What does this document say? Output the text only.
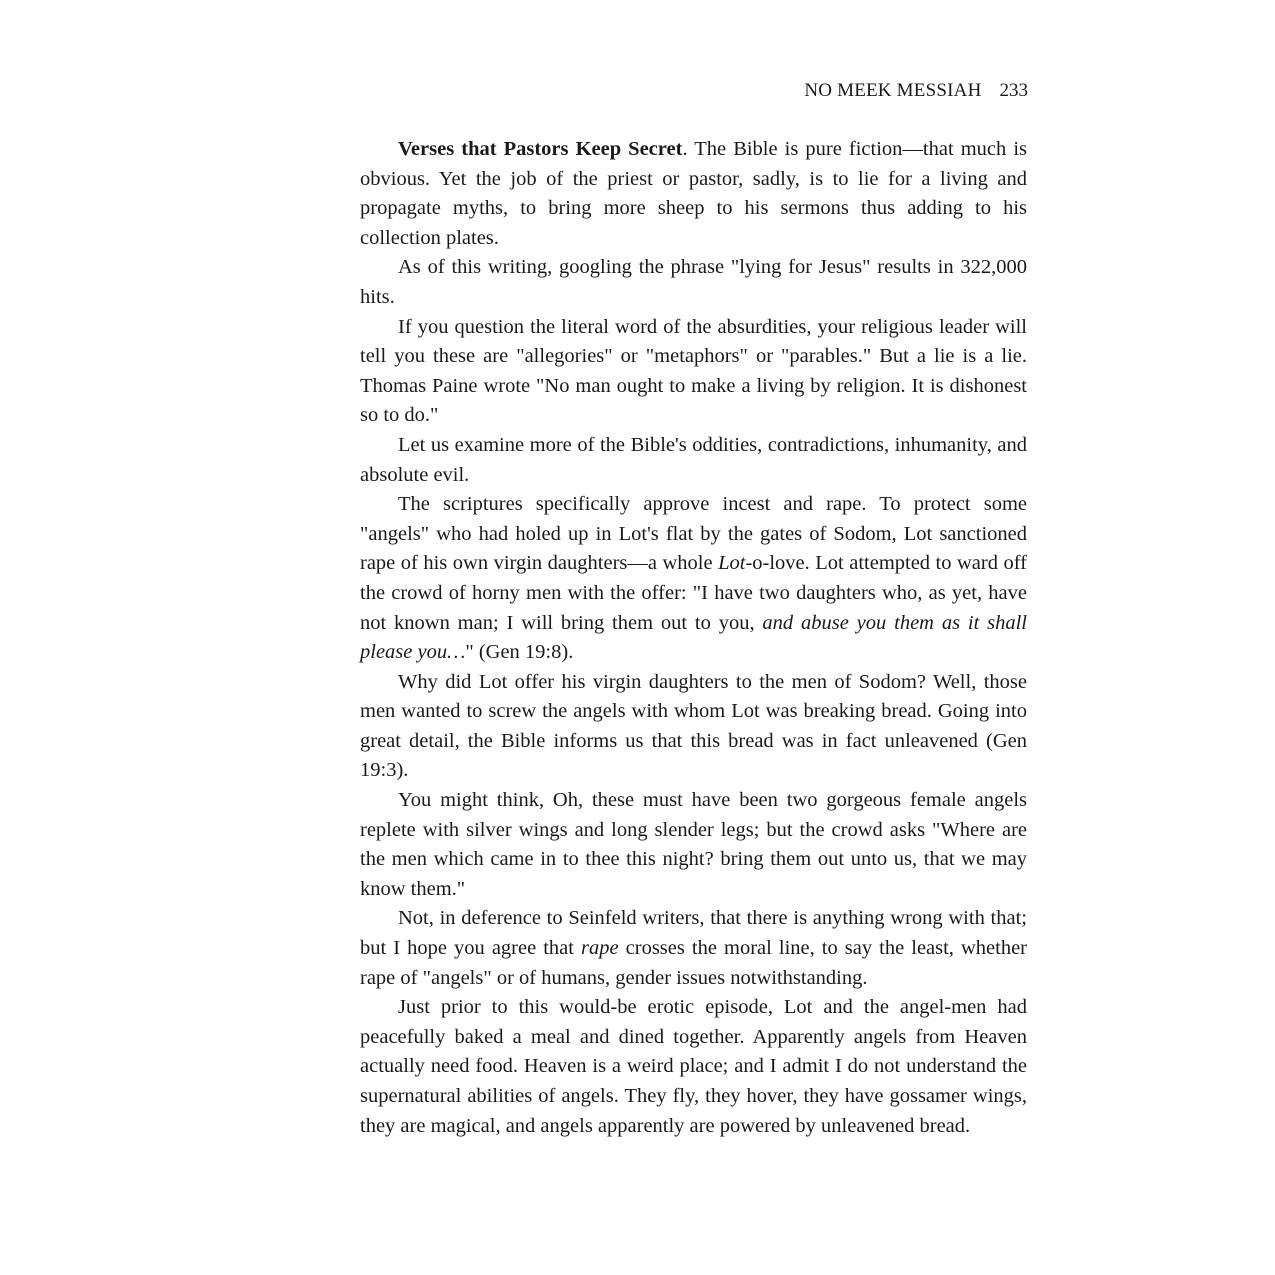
NO MEEK MESSIAH 233

Verses that Pastors Keep Secret. The Bible is pure fiction—that much is obvious. Yet the job of the priest or pastor, sadly, is to lie for a living and propagate myths, to bring more sheep to his sermons thus adding to his collection plates.

As of this writing, googling the phrase "lying for Jesus" results in 322,000 hits.

If you question the literal word of the absurdities, your religious leader will tell you these are "allegories" or "metaphors" or "parables." But a lie is a lie. Thomas Paine wrote "No man ought to make a living by religion. It is dishonest so to do."

Let us examine more of the Bible's oddities, contradictions, inhumanity, and absolute evil.

The scriptures specifically approve incest and rape. To protect some "angels" who had holed up in Lot's flat by the gates of Sodom, Lot sanctioned rape of his own virgin daughters—a whole Lot-o-love. Lot attempted to ward off the crowd of horny men with the offer: "I have two daughters who, as yet, have not known man; I will bring them out to you, and abuse you them as it shall please you…" (Gen 19:8).

Why did Lot offer his virgin daughters to the men of Sodom? Well, those men wanted to screw the angels with whom Lot was breaking bread. Going into great detail, the Bible informs us that this bread was in fact unleavened (Gen 19:3).

You might think, Oh, these must have been two gorgeous female angels replete with silver wings and long slender legs; but the crowd asks "Where are the men which came in to thee this night? bring them out unto us, that we may know them."

Not, in deference to Seinfeld writers, that there is anything wrong with that; but I hope you agree that rape crosses the moral line, to say the least, whether rape of "angels" or of humans, gender issues notwithstanding.

Just prior to this would-be erotic episode, Lot and the angel-men had peacefully baked a meal and dined together. Apparently angels from Heaven actually need food. Heaven is a weird place; and I admit I do not understand the supernatural abilities of angels. They fly, they hover, they have gossamer wings, they are magical, and angels apparently are powered by unleavened bread.
